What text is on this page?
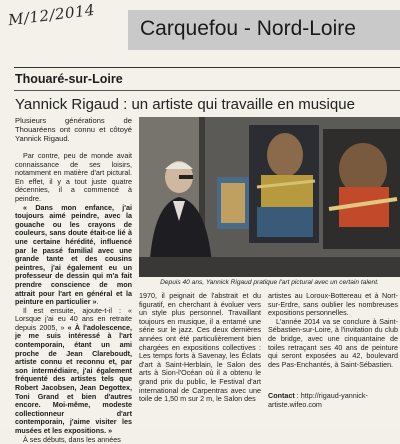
M/12/2014 Carquefou - Nord-Loire
Thouaré-sur-Loire
Yannick Rigaud : un artiste qui travaille en musique
Plusieurs générations de Thouaréens ont connu et côtoyé Yannick Rigaud.

Par contre, peu de monde avait connaissance de ses loisirs, notamment en matière d'art pictural. En effet, il y a tout juste quatre décennies, il a commencé à peindre.

« Dans mon enfance, j'ai toujours aimé peindre, avec la gouache ou les crayons de couleurs, sans doute était-ce lié à une certaine hérédité, influencé par le passé familial avec une grande tante et des cousins peintres, j'ai également eu un professeur de dessin qui m'a fait prendre conscience de mon attrait pour l'art en général et la peinture en particulier ».

Il est ensuite, ajoute-t-il : « Lorsque j'ai eu 40 ans en retraite depuis 2005, » « À l'adolescence, je me suis intéressé à l'art contemporain, étant un ami proche de Jean Clareboudt, artiste connu et reconnu et, par son intermédiaire, j'ai également fréquenté des artistes tels que Robert Jacobsen, Jean Degottex, Toni Grand et bien d'autres encore. Moi-même, modeste collectionneur d'art contemporain, j'aime visiter les musées et les expositions. »

À ses débuts, dans les années

Depuis 40 ans, Yannick Rigaud pratique l'art pictural avec un certain talent.

1970, il peignait de l'abstrait et du figuratif, en cherchant à évoluer vers un style plus personnel. Travaillant toujours en musique, il a entamé une série sur le jazz. Ces deux dernières années ont été particulièrement bien chargées en expositions collectives : Les temps forts à Savenay, les Éclats d'art à Saint-Herblain, le Salon des arts à Sion-l'Océan où il a obtenu le grand prix du public, le Festival d'art international de Carpentras avec une toile de 1,50 m sur 2 m, le Salon des

artistes au Loroux-Bottereau et à Nort-sur-Erdre, sans oublier les nombreuses expositions personnelles.

L'année 2014 va se conclure à Saint-Sébastien-sur-Loire, à l'invitation du club de bridge, avec une cinquantaine de toiles retraçant ses 40 ans de peinture qui seront exposées au 42, boulevard des Pas-Enchantés, à Saint-Sébastien.

Contact : http://rigaud-yannick-artiste.wifeo.com
